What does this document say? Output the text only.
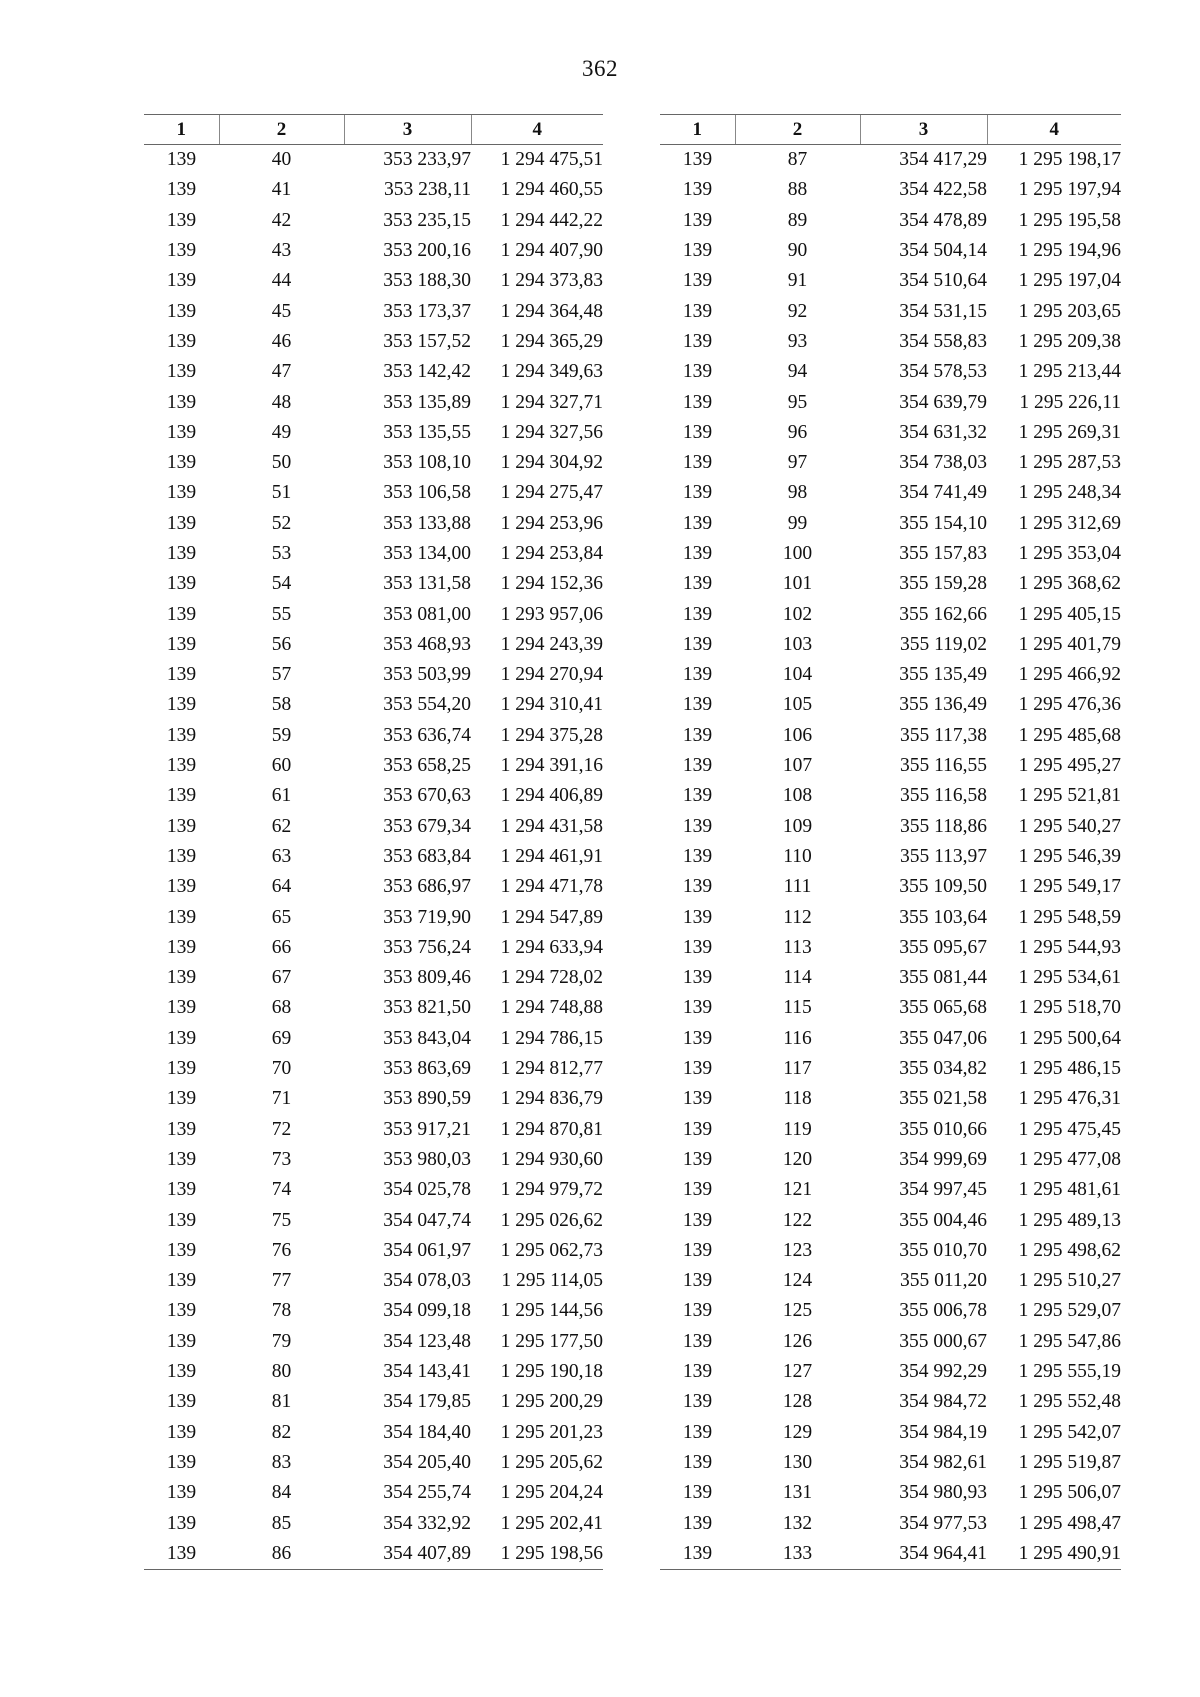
362
1	2	3	4
139	40	353 233,97	1 294 475,51
139	41	353 238,11	1 294 460,55
139	42	353 235,15	1 294 442,22
139	43	353 200,16	1 294 407,90
139	44	353 188,30	1 294 373,83
139	45	353 173,37	1 294 364,48
139	46	353 157,52	1 294 365,29
139	47	353 142,42	1 294 349,63
139	48	353 135,89	1 294 327,71
139	49	353 135,55	1 294 327,56
139	50	353 108,10	1 294 304,92
139	51	353 106,58	1 294 275,47
139	52	353 133,88	1 294 253,96
139	53	353 134,00	1 294 253,84
139	54	353 131,58	1 294 152,36
139	55	353 081,00	1 293 957,06
139	56	353 468,93	1 294 243,39
139	57	353 503,99	1 294 270,94
139	58	353 554,20	1 294 310,41
139	59	353 636,74	1 294 375,28
139	60	353 658,25	1 294 391,16
139	61	353 670,63	1 294 406,89
139	62	353 679,34	1 294 431,58
139	63	353 683,84	1 294 461,91
139	64	353 686,97	1 294 471,78
139	65	353 719,90	1 294 547,89
139	66	353 756,24	1 294 633,94
139	67	353 809,46	1 294 728,02
139	68	353 821,50	1 294 748,88
139	69	353 843,04	1 294 786,15
139	70	353 863,69	1 294 812,77
139	71	353 890,59	1 294 836,79
139	72	353 917,21	1 294 870,81
139	73	353 980,03	1 294 930,60
139	74	354 025,78	1 294 979,72
139	75	354 047,74	1 295 026,62
139	76	354 061,97	1 295 062,73
139	77	354 078,03	1 295 114,05
139	78	354 099,18	1 295 144,56
139	79	354 123,48	1 295 177,50
139	80	354 143,41	1 295 190,18
139	81	354 179,85	1 295 200,29
139	82	354 184,40	1 295 201,23
139	83	354 205,40	1 295 205,62
139	84	354 255,74	1 295 204,24
139	85	354 332,92	1 295 202,41
139	86	354 407,89	1 295 198,56
1	2	3	4
139	87	354 417,29	1 295 198,17
139	88	354 422,58	1 295 197,94
139	89	354 478,89	1 295 195,58
139	90	354 504,14	1 295 194,96
139	91	354 510,64	1 295 197,04
139	92	354 531,15	1 295 203,65
139	93	354 558,83	1 295 209,38
139	94	354 578,53	1 295 213,44
139	95	354 639,79	1 295 226,11
139	96	354 631,32	1 295 269,31
139	97	354 738,03	1 295 287,53
139	98	354 741,49	1 295 248,34
139	99	355 154,10	1 295 312,69
139	100	355 157,83	1 295 353,04
139	101	355 159,28	1 295 368,62
139	102	355 162,66	1 295 405,15
139	103	355 119,02	1 295 401,79
139	104	355 135,49	1 295 466,92
139	105	355 136,49	1 295 476,36
139	106	355 117,38	1 295 485,68
139	107	355 116,55	1 295 495,27
139	108	355 116,58	1 295 521,81
139	109	355 118,86	1 295 540,27
139	110	355 113,97	1 295 546,39
139	111	355 109,50	1 295 549,17
139	112	355 103,64	1 295 548,59
139	113	355 095,67	1 295 544,93
139	114	355 081,44	1 295 534,61
139	115	355 065,68	1 295 518,70
139	116	355 047,06	1 295 500,64
139	117	355 034,82	1 295 486,15
139	118	355 021,58	1 295 476,31
139	119	355 010,66	1 295 475,45
139	120	354 999,69	1 295 477,08
139	121	354 997,45	1 295 481,61
139	122	355 004,46	1 295 489,13
139	123	355 010,70	1 295 498,62
139	124	355 011,20	1 295 510,27
139	125	355 006,78	1 295 529,07
139	126	355 000,67	1 295 547,86
139	127	354 992,29	1 295 555,19
139	128	354 984,72	1 295 552,48
139	129	354 984,19	1 295 542,07
139	130	354 982,61	1 295 519,87
139	131	354 980,93	1 295 506,07
139	132	354 977,53	1 295 498,47
139	133	354 964,41	1 295 490,91
